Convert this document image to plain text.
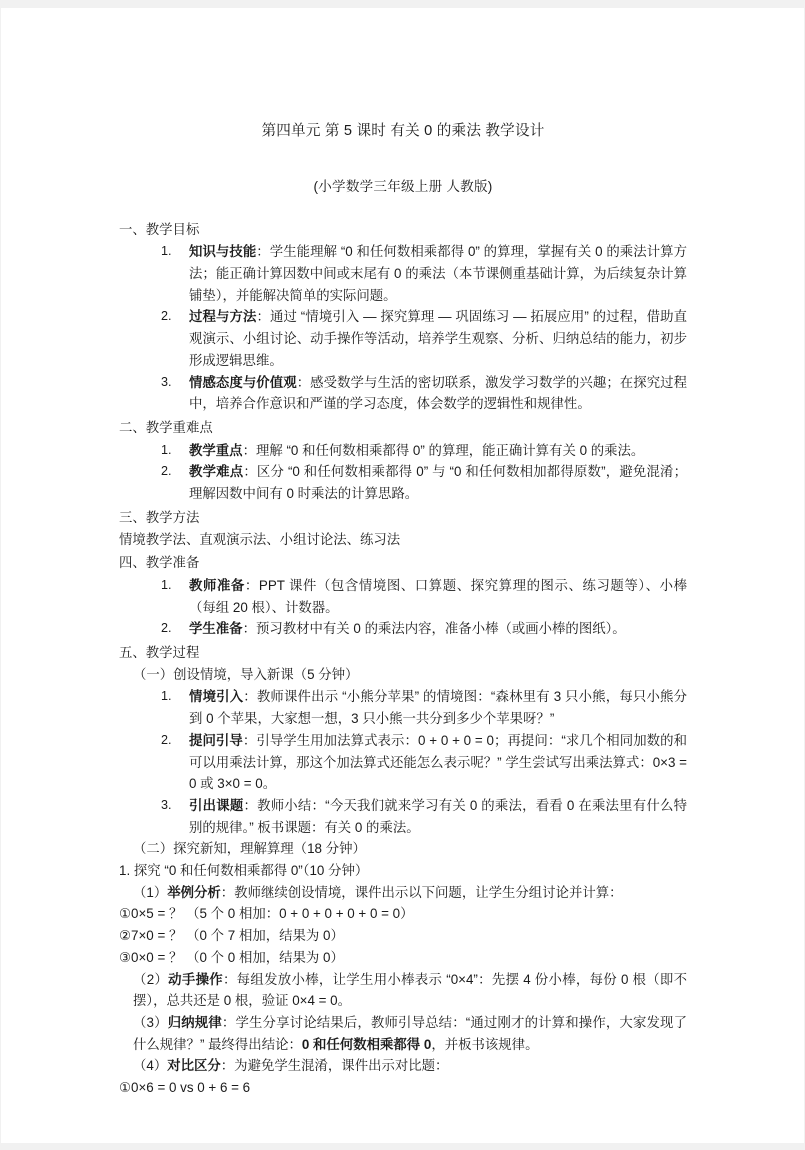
第四单元 第 5 课时 有关 0 的乘法 教学设计
(小学数学三年级上册 人教版)
一、教学目标
知识与技能：学生能理解 “0 和任何数相乘都得 0” 的算理，掌握有关 0 的乘法计算方法；能正确计算因数中间或末尾有 0 的乘法（本节课侧重基础计算，为后续复杂计算铺垫），并能解决简单的实际问题。
过程与方法：通过 “情境引入 — 探究算理 — 巩固练习 — 拓展应用” 的过程，借助直观演示、小组讨论、动手操作等活动，培养学生观察、分析、归纳总结的能力，初步形成逻辑思维。
情感态度与价值观：感受数学与生活的密切联系，激发学习数学的兴趣；在探究过程中，培养合作意识和严谨的学习态度，体会数学的逻辑性和规律性。
二、教学重难点
教学重点：理解 “0 和任何数相乘都得 0” 的算理，能正确计算有关 0 的乘法。
教学难点：区分 “0 和任何数相乘都得 0” 与 “0 和任何数相加都得原数”，避免混淆；理解因数中间有 0 时乘法的计算思路。
三、教学方法
情境教学法、直观演示法、小组讨论法、练习法
四、教学准备
教师准备：PPT 课件（包含情境图、口算题、探究算理的图示、练习题等）、小棒（每组 20 根）、计数器。
学生准备：预习教材中有关 0 的乘法内容，准备小棒（或画小棒的图纸）。
五、教学过程
（一）创设情境，导入新课（5 分钟）
情境引入：教师课件出示 “小熊分苹果” 的情境图：“森林里有 3 只小熊，每只小熊分到 0 个苹果，大家想一想，3 只小熊一共分到多少个苹果呀？”
提问引导：引导学生用加法算式表示：0 + 0 + 0 = 0；再提问：“求几个相同加数的和可以用乘法计算，那这个加法算式还能怎么表示呢？” 学生尝试写出乘法算式：0×3 = 0 或 3×0 = 0。
引出课题：教师小结：“今天我们就来学习有关 0 的乘法，看看 0 在乘法里有什么特别的规律。” 板书课题：有关 0 的乘法。
（二）探究新知，理解算理（18 分钟）
1. 探究 “0 和任何数相乘都得 0”（10 分钟）
（1）举例分析：教师继续创设情境，课件出示以下问题，让学生分组讨论并计算：
①0×5 = ？ （5 个 0 相加：0 + 0 + 0 + 0 + 0 = 0）
②7×0 = ？ （0 个 7 相加，结果为 0）
③0×0 = ？ （0 个 0 相加，结果为 0）
（2）动手操作：每组发放小棒，让学生用小棒表示 “0×4”：先摆 4 份小棒，每份 0 根（即不摆），总共还是 0 根，验证 0×4 = 0。
（3）归纳规律：学生分享讨论结果后，教师引导总结：“通过刚才的计算和操作，大家发现了什么规律？” 最终得出结论：0 和任何数相乘都得 0，并板书该规律。
（4）对比区分：为避免学生混淆，课件出示对比题：
①0×6 = 0 vs 0 + 6 = 6
